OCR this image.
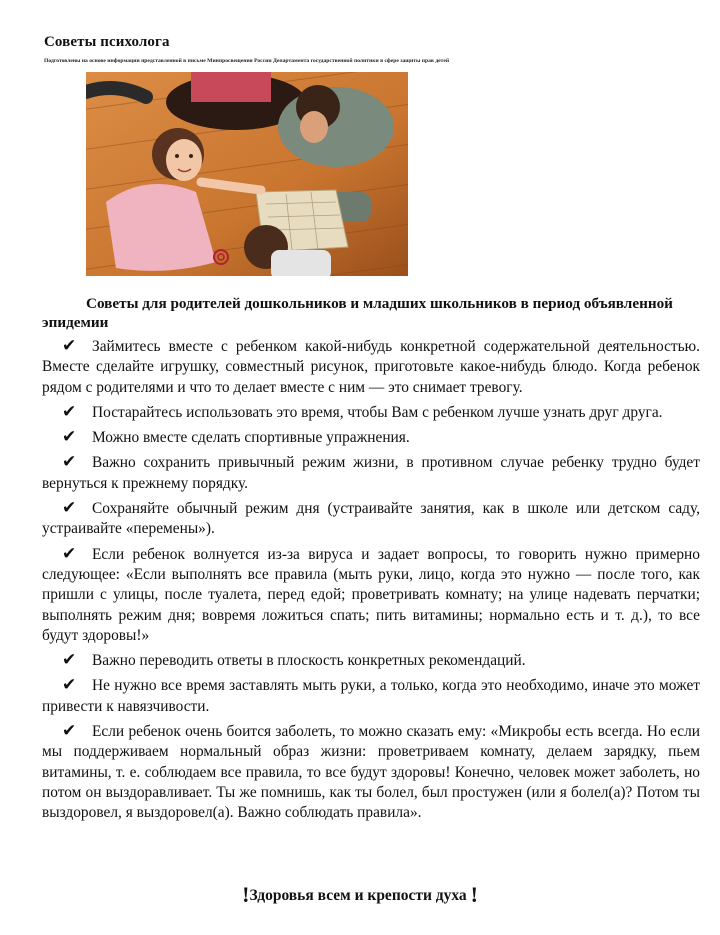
Советы психолога
Подготовлены на основе информации представленной в письме Минпросвещения России Департамента государственной политики в сфере защиты прав детей
Советы для родителей дошкольников и младших школьников в период объявленной эпидемии
✔ Займитесь вместе с ребенком какой-нибудь конкретной содержательной деятельностью. Вместе сделайте игрушку, совместный рисунок, приготовьте какое-нибудь блюдо. Когда ребенок рядом с родителями и что то делает вместе с ним — это снимает тревогу.
✔ Постарайтесь использовать это время, чтобы Вам с ребенком лучше узнать друг друга.
✔ Можно вместе сделать спортивные упражнения.
✔ Важно сохранить привычный режим жизни, в противном случае ребенку трудно будет вернуться к прежнему порядку.
✔ Сохраняйте обычный режим дня (устраивайте занятия, как в школе или детском саду, устраивайте «перемены»).
✔ Если ребенок волнуется из-за вируса и задает вопросы, то говорить нужно примерно следующее: «Если выполнять все правила (мыть руки, лицо, когда это нужно — после того, как пришли с улицы, после туалета, перед едой; проветривать комнату; на улице надевать перчатки; выполнять режим дня; вовремя ложиться спать; пить витамины; нормально есть и т. д.), то все будут здоровы!»
✔ Важно переводить ответы в плоскость конкретных рекомендаций.
✔ Не нужно все время заставлять мыть руки, а только, когда это необходимо, иначе это может привести к навязчивости.
✔ Если ребенок очень боится заболеть, то можно сказать ему: «Микробы есть всегда. Но если мы поддерживаем нормальный образ жизни: проветриваем комнату, делаем зарядку, пьем витамины, т. е. соблюдаем все правила, то все будут здоровы! Конечно, человек может заболеть, но потом он выздоравливает. Ты же помнишь, как ты болел, был простужен (или я болел(а)? Потом ты выздоровел, я выздоровел(а). Важно соблюдать правила».
!Здоровья всем и крепости духа !
